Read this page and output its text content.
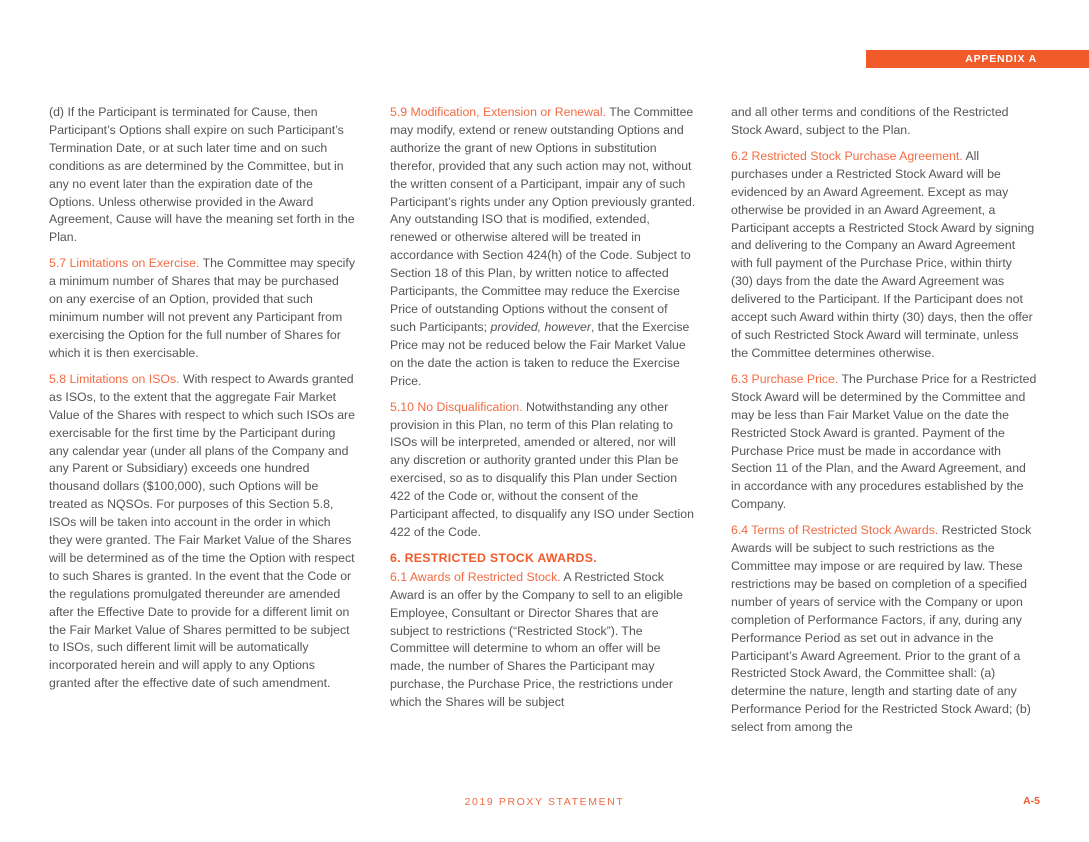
APPENDIX A

(d) If the Participant is terminated for Cause, then Participant’s Options shall expire on such Participant’s Termination Date, or at such later time and on such conditions as are determined by the Committee, but in any no event later than the expiration date of the Options. Unless otherwise provided in the Award Agreement, Cause will have the meaning set forth in the Plan.

5.7 Limitations on Exercise. The Committee may specify a minimum number of Shares that may be purchased on any exercise of an Option, provided that such minimum number will not prevent any Participant from exercising the Option for the full number of Shares for which it is then exercisable.

5.8 Limitations on ISOs. With respect to Awards granted as ISOs, to the extent that the aggregate Fair Market Value of the Shares with respect to which such ISOs are exercisable for the first time by the Participant during any calendar year (under all plans of the Company and any Parent or Subsidiary) exceeds one hundred thousand dollars ($100,000), such Options will be treated as NQSOs. For purposes of this Section 5.8, ISOs will be taken into account in the order in which they were granted. The Fair Market Value of the Shares will be determined as of the time the Option with respect to such Shares is granted. In the event that the Code or the regulations promulgated thereunder are amended after the Effective Date to provide for a different limit on the Fair Market Value of Shares permitted to be subject to ISOs, such different limit will be automatically incorporated herein and will apply to any Options granted after the effective date of such amendment.

5.9 Modification, Extension or Renewal. The Committee may modify, extend or renew outstanding Options and authorize the grant of new Options in substitution therefor, provided that any such action may not, without the written consent of a Participant, impair any of such Participant’s rights under any Option previously granted. Any outstanding ISO that is modified, extended, renewed or otherwise altered will be treated in accordance with Section 424(h) of the Code. Subject to Section 18 of this Plan, by written notice to affected Participants, the Committee may reduce the Exercise Price of outstanding Options without the consent of such Participants; provided, however, that the Exercise Price may not be reduced below the Fair Market Value on the date the action is taken to reduce the Exercise Price.

5.10 No Disqualification. Notwithstanding any other provision in this Plan, no term of this Plan relating to ISOs will be interpreted, amended or altered, nor will any discretion or authority granted under this Plan be exercised, so as to disqualify this Plan under Section 422 of the Code or, without the consent of the Participant affected, to disqualify any ISO under Section 422 of the Code.

6. RESTRICTED STOCK AWARDS.

6.1 Awards of Restricted Stock. A Restricted Stock Award is an offer by the Company to sell to an eligible Employee, Consultant or Director Shares that are subject to restrictions (“Restricted Stock”). The Committee will determine to whom an offer will be made, the number of Shares the Participant may purchase, the Purchase Price, the restrictions under which the Shares will be subject

and all other terms and conditions of the Restricted Stock Award, subject to the Plan.

6.2 Restricted Stock Purchase Agreement. All purchases under a Restricted Stock Award will be evidenced by an Award Agreement. Except as may otherwise be provided in an Award Agreement, a Participant accepts a Restricted Stock Award by signing and delivering to the Company an Award Agreement with full payment of the Purchase Price, within thirty (30) days from the date the Award Agreement was delivered to the Participant. If the Participant does not accept such Award within thirty (30) days, then the offer of such Restricted Stock Award will terminate, unless the Committee determines otherwise.

6.3 Purchase Price. The Purchase Price for a Restricted Stock Award will be determined by the Committee and may be less than Fair Market Value on the date the Restricted Stock Award is granted. Payment of the Purchase Price must be made in accordance with Section 11 of the Plan, and the Award Agreement, and in accordance with any procedures established by the Company.

6.4 Terms of Restricted Stock Awards. Restricted Stock Awards will be subject to such restrictions as the Committee may impose or are required by law. These restrictions may be based on completion of a specified number of years of service with the Company or upon completion of Performance Factors, if any, during any Performance Period as set out in advance in the Participant’s Award Agreement. Prior to the grant of a Restricted Stock Award, the Committee shall: (a) determine the nature, length and starting date of any Performance Period for the Restricted Stock Award; (b) select from among the

2019 PROXY STATEMENT	A-5
